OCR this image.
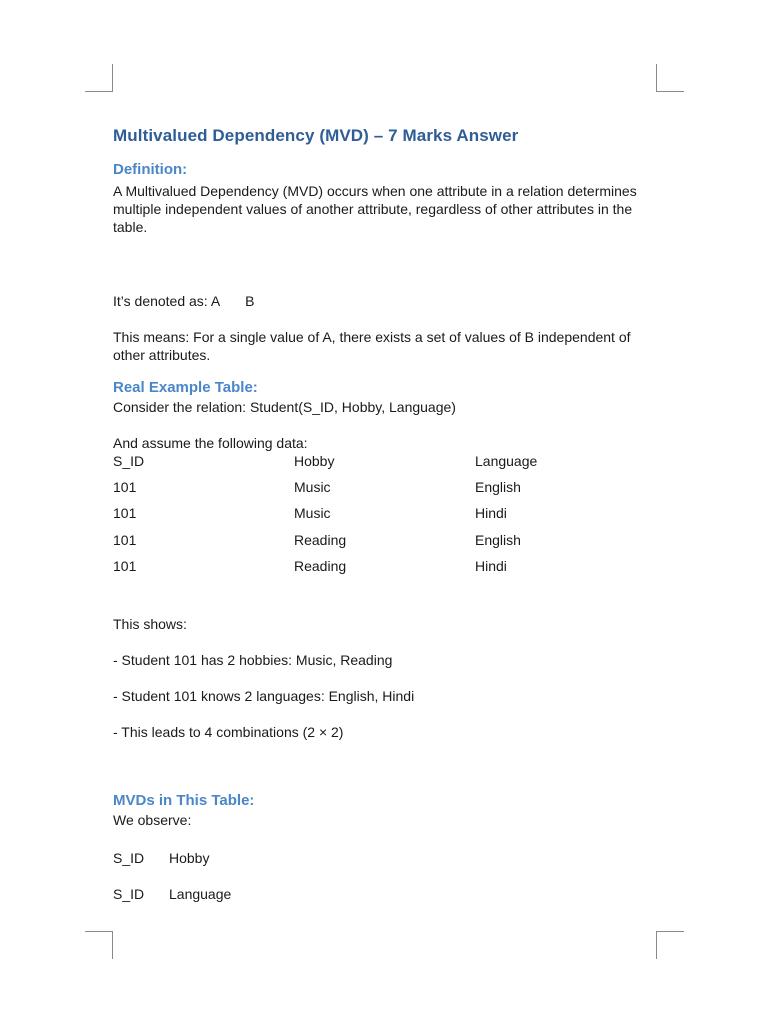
Multivalued Dependency (MVD) – 7 Marks Answer
Definition:

A Multivalued Dependency (MVD) occurs when one attribute in a relation determines multiple independent values of another attribute, regardless of other attributes in the table.

It’s denoted as: A B

This means: For a single value of A, there exists a set of values of B independent of other attributes.

Real Example Table:

Consider the relation: Student(S_ID, Hobby, Language)

And assume the following data:

S_ID	Hobby	Language
101	Music	English
101	Music	Hindi
101	Reading	English
101	Reading	Hindi

This shows:

- Student 101 has 2 hobbies: Music, Reading

- Student 101 knows 2 languages: English, Hindi

- This leads to 4 combinations (2 × 2)

MVDs in This Table:

We observe:

S_ID Hobby
S_ID Language
